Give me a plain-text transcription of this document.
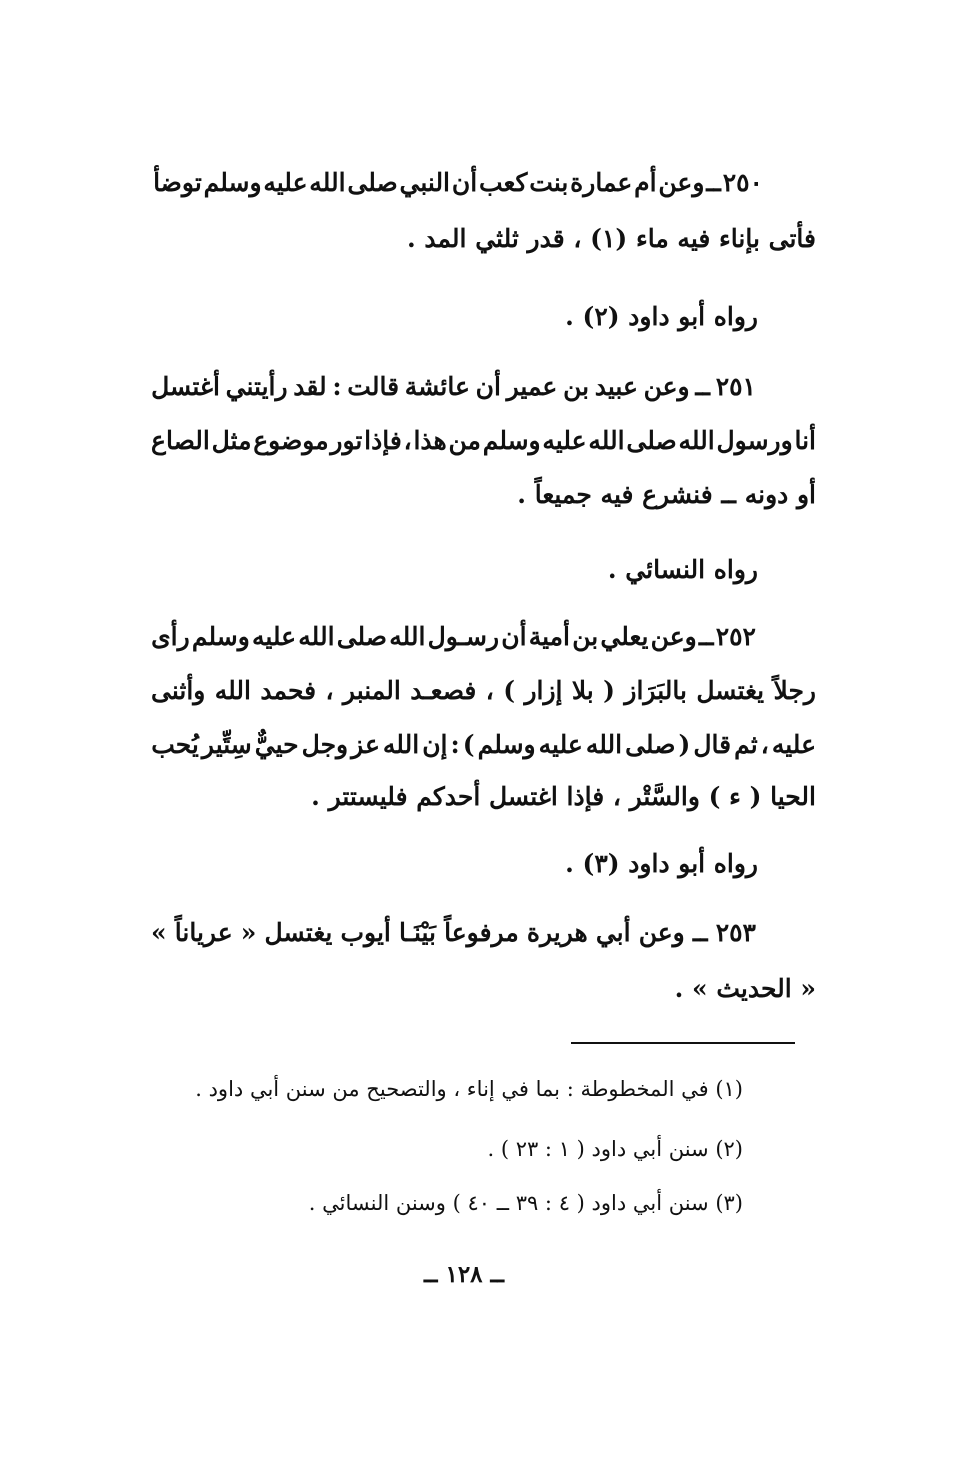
٢٥٠
ــ
وعن
أم
عمارة
بنت
كعب
أن
النبي
صلى
الله
عليه
وسلم
توضأ
فأتى بإناء فيه ماء (١) ، قدر ثلثي المد .
رواه أبو داود (٢) .
٢٥١
ــ
وعن
عبيد
بن
عمير
أن
عائشة
قالت
:
لقد
رأيتني
أغتسل
أنا
ورسول
الله
صلى
الله
عليه
وسلم
من
هذا
،
فإذا
تور
موضوع
مثل
الصاع
أو دونه ــ فنشرع فيه جميعاً .
رواه النسائي .
٢٥٢
ــ
وعن
يعلي
بن
أمية
أن
رسـول
الله
صلى
الله
عليه
وسلم
رأى
رجلاً
يغتسل
بالبَرَاز
(
بلا
إزار
)
،
فصعـد
المنبر
،
فحمد
الله
وأثنى
عليه
،
ثم
قال
(
صلى
الله
عليه
وسلم
)
:
إن
الله
عز
وجل
حييٌّ
سِتِّير
يُحب
الحيا ( ء ) والسَّتْر ، فإذا اغتسل أحدكم فليستتر .
رواه أبو داود (٣) .
٢٥٣
ــ
وعن
أبي
هريرة
مرفوعاً
بَيْنَـا
أيوب
يغتسل
«
عرياناً
»
« الحديث » .
(١) في المخطوطة : بما في إناء ، والتصحيح من سنن أبي داود .
(٢) سنن أبي داود ( ١ : ٢٣ ) .
(٣) سنن أبي داود ( ٤ : ٣٩ ــ ٤٠ ) وسنن النسائي .
ــ ١٢٨ ــ
